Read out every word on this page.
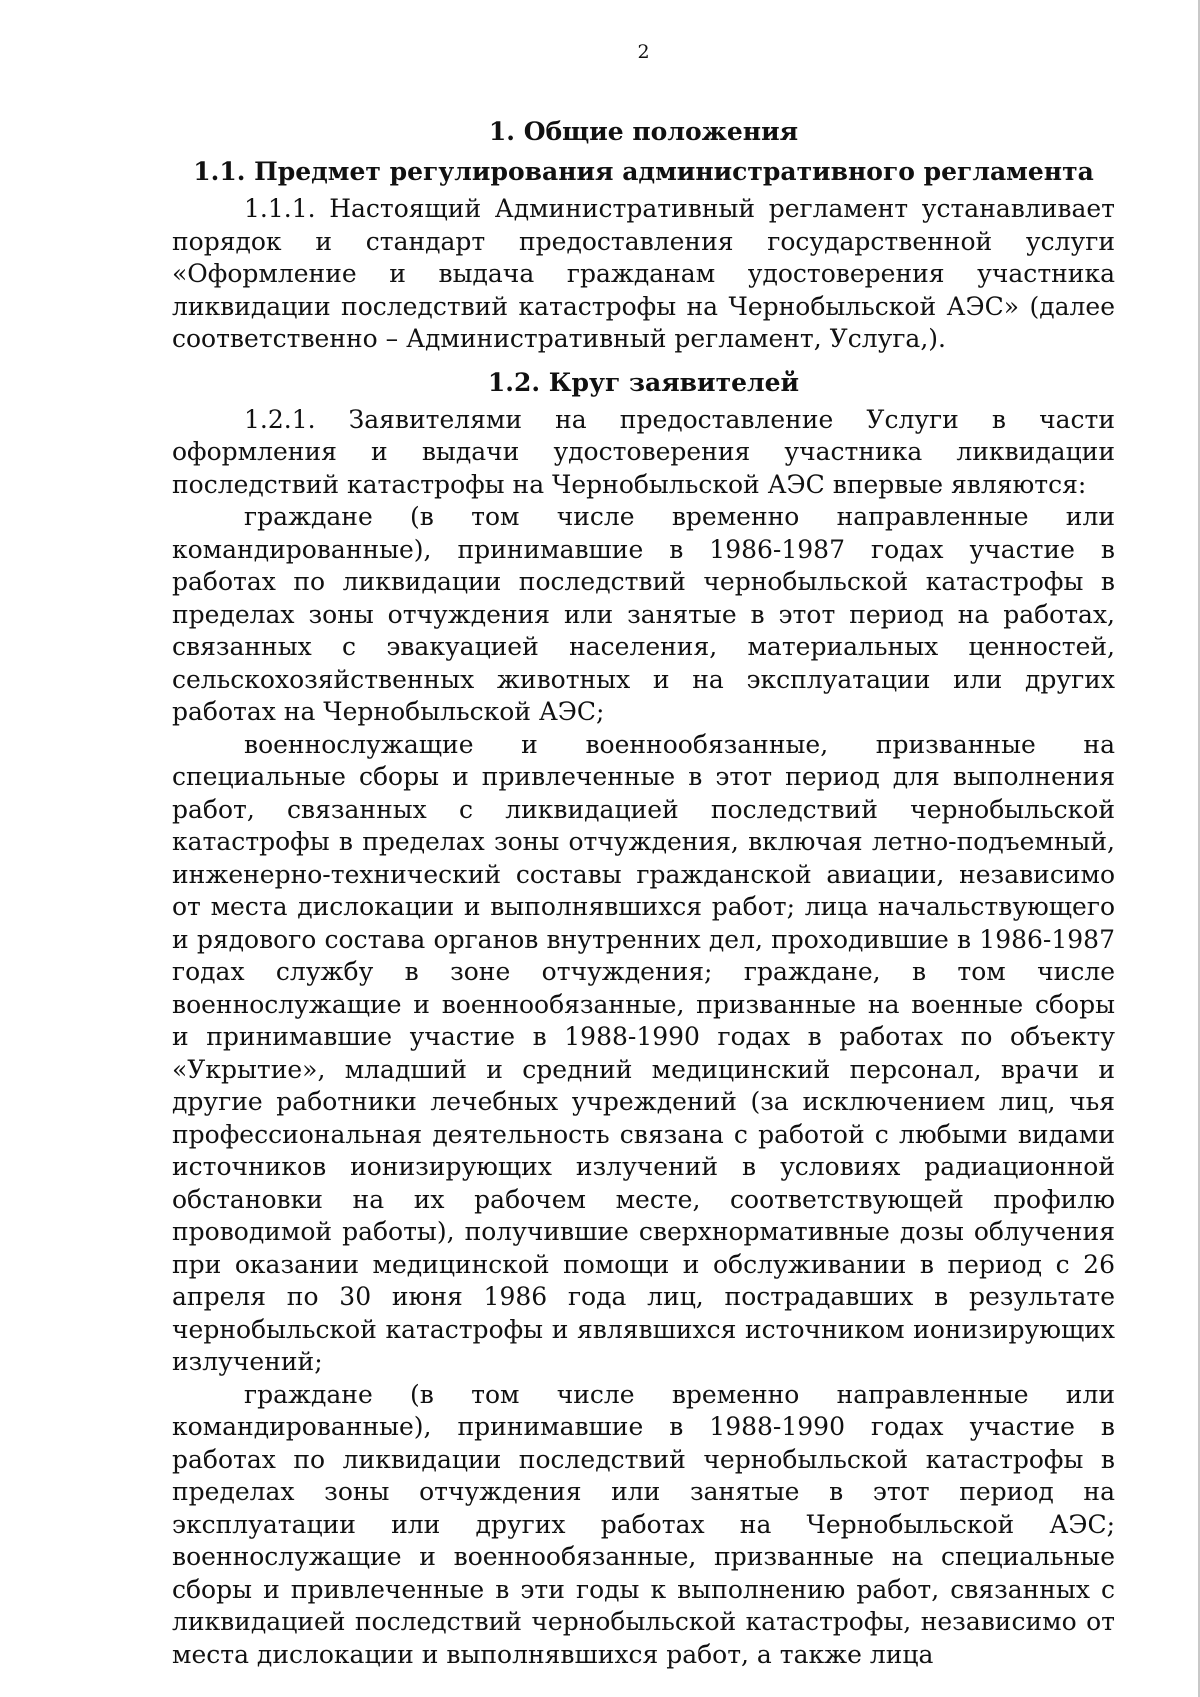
2
1. Общие положения
1.1. Предмет регулирования административного регламента

1.1.1. Настоящий Административный регламент устанавливает порядок и стандарт предоставления государственной услуги «Оформление и выдача гражданам удостоверения участника ликвидации последствий катастрофы на Чернобыльской АЭС» (далее соответственно – Административный регламент, Услуга,).

1.2. Круг заявителей

1.2.1. Заявителями на предоставление Услуги в части оформления и выдачи удостоверения участника ликвидации последствий катастрофы на Чернобыльской АЭС впервые являются:

граждане (в том числе временно направленные или командированные), принимавшие в 1986-1987 годах участие в работах по ликвидации последствий чернобыльской катастрофы в пределах зоны отчуждения или занятые в этот период на работах, связанных с эвакуацией населения, материальных ценностей, сельскохозяйственных животных и на эксплуатации или других работах на Чернобыльской АЭС;

военнослужащие и военнообязанные, призванные на специальные сборы и привлеченные в этот период для выполнения работ, связанных с ликвидацией последствий чернобыльской катастрофы в пределах зоны отчуждения, включая летно-подъемный, инженерно-технический составы гражданской авиации, независимо от места дислокации и выполнявшихся работ; лица начальствующего и рядового состава органов внутренних дел, проходившие в 1986-1987 годах службу в зоне отчуждения; граждане, в том числе военнослужащие и военнообязанные, призванные на военные сборы и принимавшие участие в 1988-1990 годах в работах по объекту «Укрытие», младший и средний медицинский персонал, врачи и другие работники лечебных учреждений (за исключением лиц, чья профессиональная деятельность связана с работой с любыми видами источников ионизирующих излучений в условиях радиационной обстановки на их рабочем месте, соответствующей профилю проводимой работы), получившие сверхнормативные дозы облучения при оказании медицинской помощи и обслуживании в период с 26 апреля по 30 июня 1986 года лиц, пострадавших в результате чернобыльской катастрофы и являвшихся источником ионизирующих излучений;

граждане (в том числе временно направленные или командированные), принимавшие в 1988-1990 годах участие в работах по ликвидации последствий чернобыльской катастрофы в пределах зоны отчуждения или занятые в этот период на эксплуатации или других работах на Чернобыльской АЭС; военнослужащие и военнообязанные, призванные на специальные сборы и привлеченные в эти годы к выполнению работ, связанных с ликвидацией последствий чернобыльской катастрофы, независимо от места дислокации и выполнявшихся работ, а также лица
